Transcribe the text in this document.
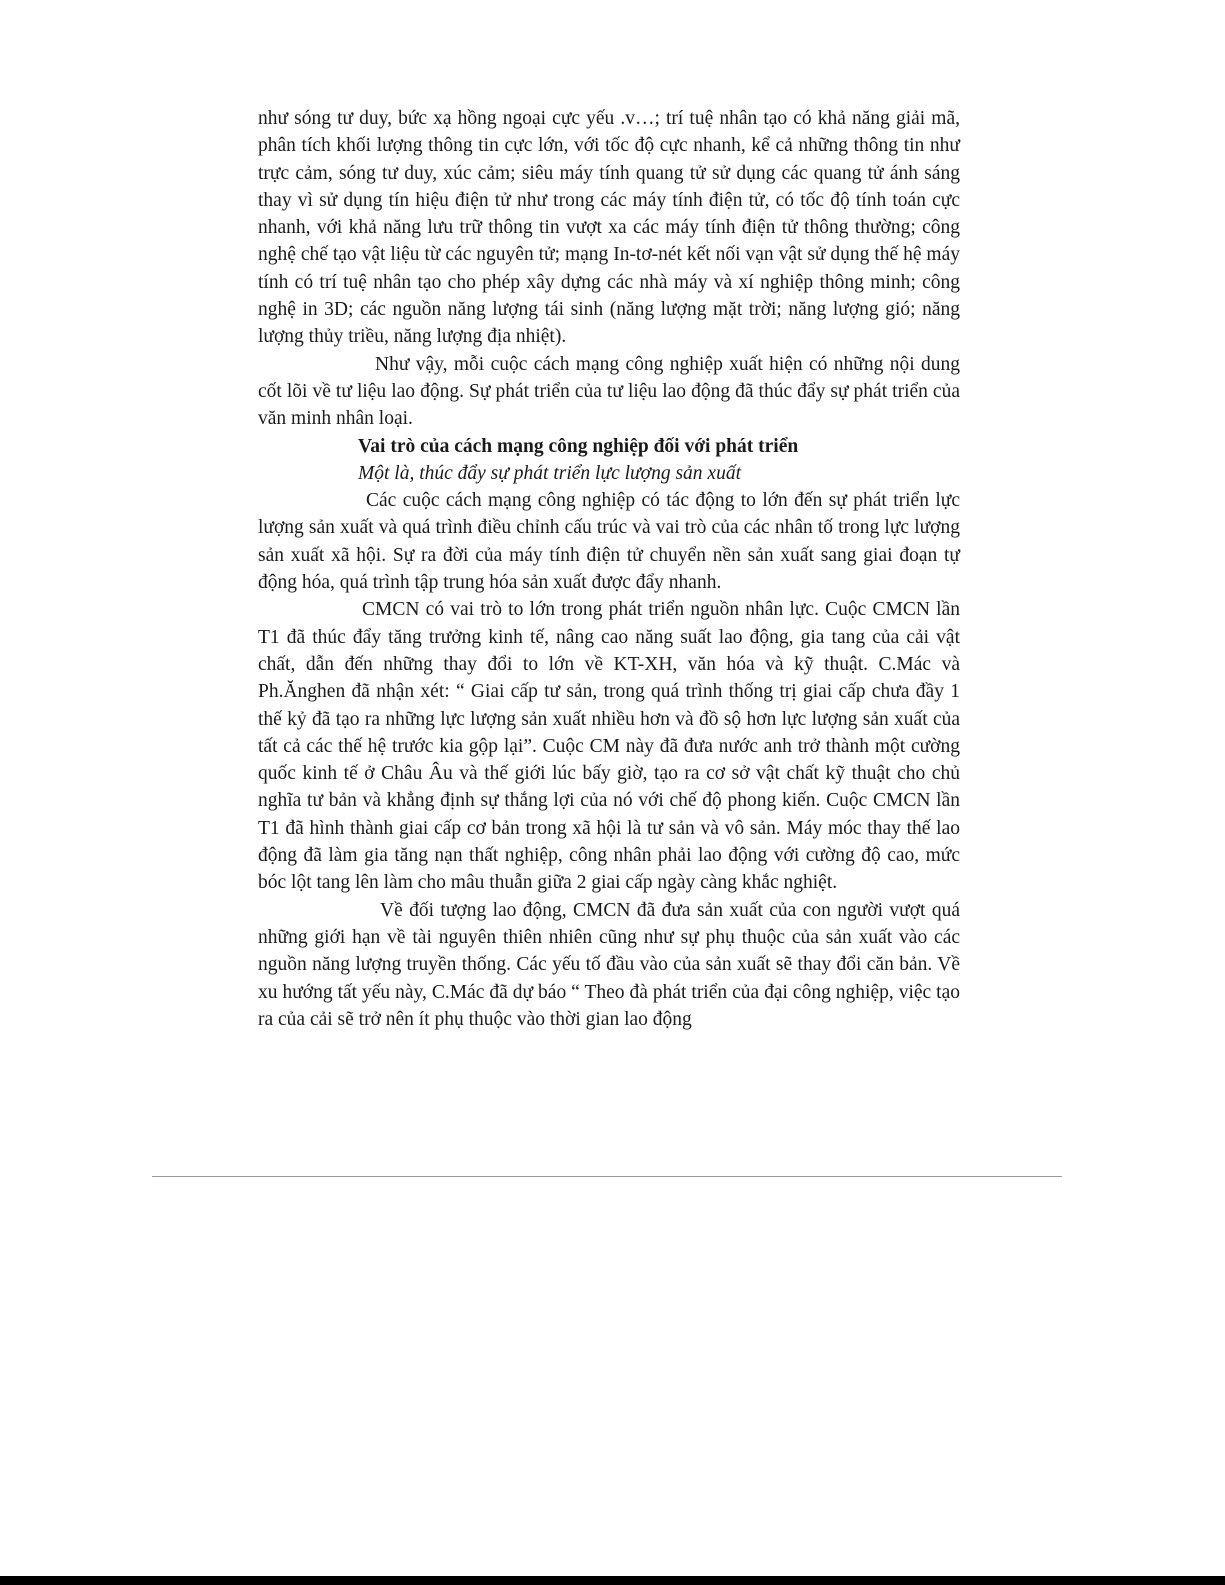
như sóng tư duy, bức xạ hồng ngoại cực yếu .v…; trí tuệ nhân tạo có khả năng giải mã, phân tích khối lượng thông tin cực lớn, với tốc độ cực nhanh, kể cả những thông tin như trực cảm, sóng tư duy, xúc cảm; siêu máy tính quang tử sử dụng các quang tử ánh sáng thay vì sử dụng tín hiệu điện tử như trong các máy tính điện tử, có tốc độ tính toán cực nhanh, với khả năng lưu trữ thông tin vượt xa các máy tính điện tử thông thường; công nghệ chế tạo vật liệu từ các nguyên tử; mạng In-tơ-nét kết nối vạn vật sử dụng thế hệ máy tính có trí tuệ nhân tạo cho phép xây dựng các nhà máy và xí nghiệp thông minh; công nghệ in 3D; các nguồn năng lượng tái sinh (năng lượng mặt trời; năng lượng gió; năng lượng thủy triều, năng lượng địa nhiệt).

Như vậy, mỗi cuộc cách mạng công nghiệp xuất hiện có những nội dung cốt lõi về tư liệu lao động. Sự phát triển của tư liệu lao động đã thúc đẩy sự phát triển của văn minh nhân loại.

Vai trò của cách mạng công nghiệp đối với phát triển

Một là, thúc đẩy sự phát triển lực lượng sản xuất

Các cuộc cách mạng công nghiệp có tác động to lớn đến sự phát triển lực lượng sản xuất và quá trình điều chỉnh cấu trúc và vai trò của các nhân tố trong lực lượng sản xuất xã hội. Sự ra đời của máy tính điện tử chuyển nền sản xuất sang giai đoạn tự động hóa, quá trình tập trung hóa sản xuất được đẩy nhanh.

CMCN có vai trò to lớn trong phát triển nguồn nhân lực. Cuộc CMCN lần T1 đã thúc đẩy tăng trưởng kinh tế, nâng cao năng suất lao động, gia tang của cải vật chất, dẫn đến những thay đổi to lớn về KT-XH, văn hóa và kỹ thuật. C.Mác và Ph.Ănghen đã nhận xét: “ Giai cấp tư sản, trong quá trình thống trị giai cấp chưa đầy 1 thế kỷ đã tạo ra những lực lượng sản xuất nhiều hơn và đồ sộ hơn lực lượng sản xuất của tất cả các thế hệ trước kia gộp lại”. Cuộc CM này đã đưa nước anh trở thành một cường quốc kinh tế ở Châu Âu và thế giới lúc bấy giờ, tạo ra cơ sở vật chất kỹ thuật cho chủ nghĩa tư bản và khẳng định sự thắng lợi của nó với chế độ phong kiến. Cuộc CMCN lần T1 đã hình thành giai cấp cơ bản trong xã hội là tư sản và vô sản. Máy móc thay thế lao động đã làm gia tăng nạn thất nghiệp, công nhân phải lao động với cường độ cao, mức bóc lột tang lên làm cho mâu thuẫn giữa 2 giai cấp ngày càng khắc nghiệt.

Về đối tượng lao động, CMCN đã đưa sản xuất của con người vượt quá những giới hạn về tài nguyên thiên nhiên cũng như sự phụ thuộc của sản xuất vào các nguồn năng lượng truyền thống. Các yếu tố đầu vào của sản xuất sẽ thay đổi căn bản. Về xu hướng tất yếu này, C.Mác đã dự báo “ Theo đà phát triển của đại công nghiệp, việc tạo ra của cải sẽ trở nên ít phụ thuộc vào thời gian lao động
